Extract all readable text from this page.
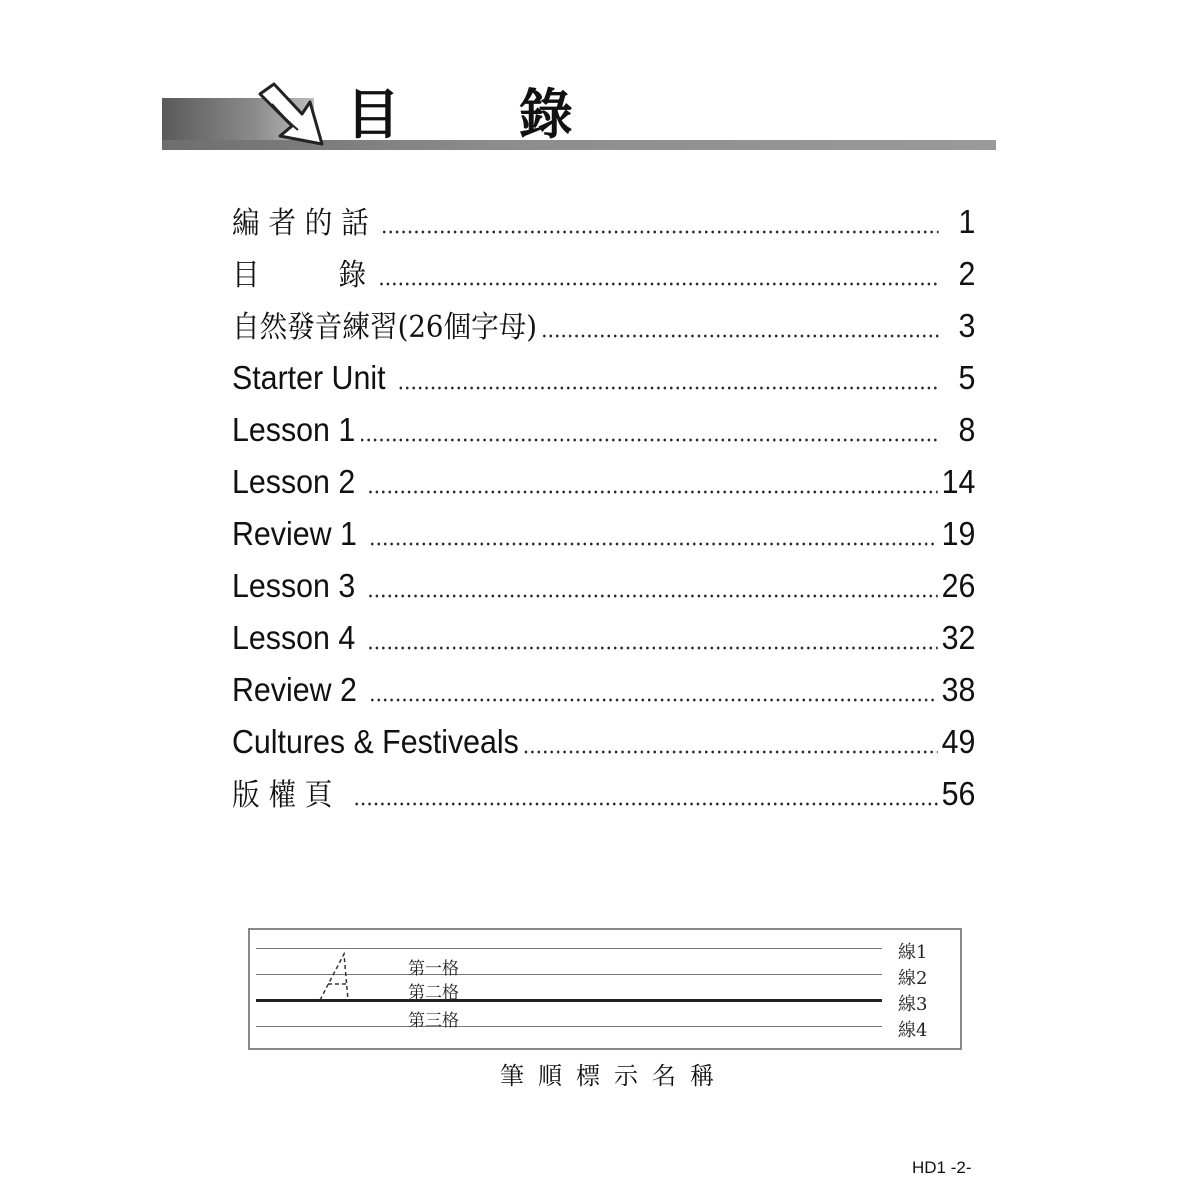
目 錄
編 者 的 話	1
目         錄	2
自然發音練習(26個字母)	3
Starter Unit	5
Lesson 1	8
Lesson 2	14
Review 1	19
Lesson 3	26
Lesson 4	32
Review 2	38
Cultures & Festiveals	49
版 權 頁	56
第一格
第二格
第三格
線1
線2
線3
線4
筆順標示名稱
HD1 -2-
